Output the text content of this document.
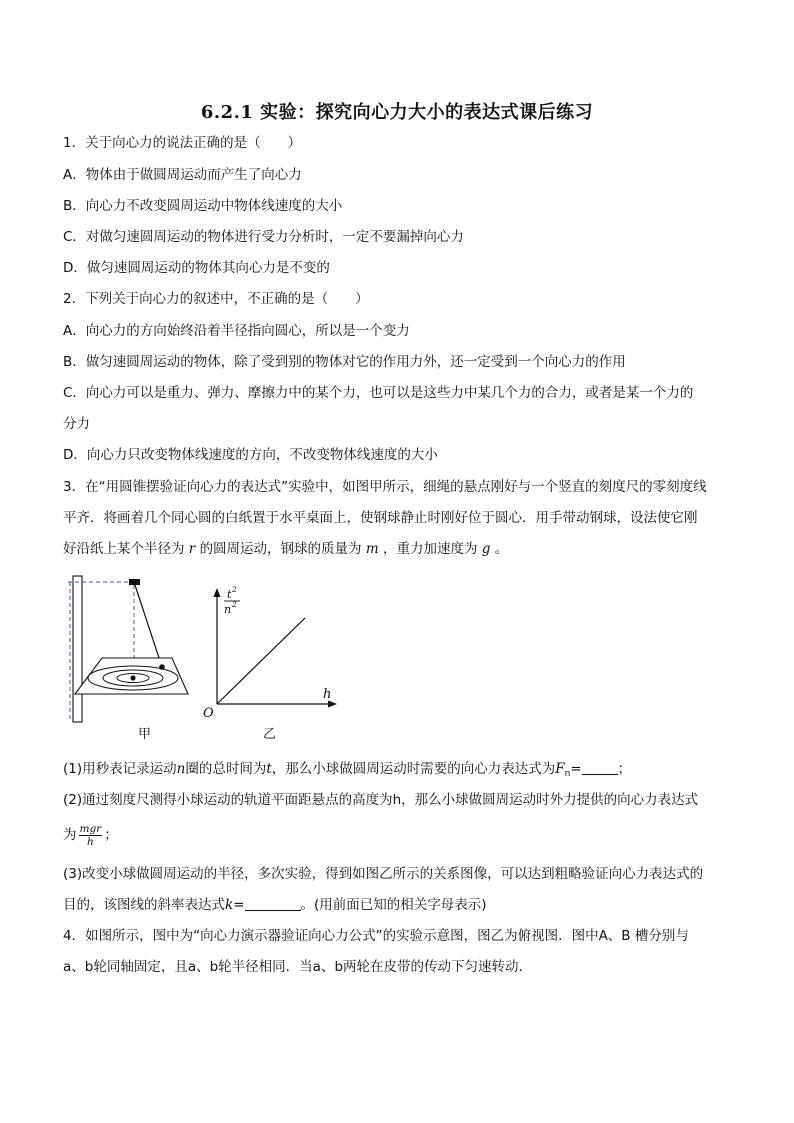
6.2.1 实验：探究向心力大小的表达式课后练习
1．关于向心力的说法正确的是（　　）
A．物体由于做圆周运动而产生了向心力
B．向心力不改变圆周运动中物体线速度的大小
C．对做匀速圆周运动的物体进行受力分析时，一定不要漏掉向心力
D．做匀速圆周运动的物体其向心力是不变的
2．下列关于向心力的叙述中，不正确的是（　　）
A．向心力的方向始终沿着半径指向圆心，所以是一个变力
B．做匀速圆周运动的物体，除了受到别的物体对它的作用力外，还一定受到一个向心力的作用
C．向心力可以是重力、弹力、摩擦力中的某个力，也可以是这些力中某几个力的合力，或者是某一个力的
分力
D．向心力只改变物体线速度的方向，不改变物体线速度的大小
3．在“用圆锥摆验证向心力的表达式”实验中，如图甲所示，细绳的悬点刚好与一个竖直的刻度尺的零刻度线
平齐．将画着几个同心圆的白纸置于水平桌面上，使钢球静止时刚好位于圆心．用手带动钢球，设法使它刚
好沿纸上某个半径为 r 的圆周运动，钢球的质量为 m ，重力加速度为 g 。
甲
t 2
n 2
h
O
乙
(1)用秒表记录运动n圈的总时间为t，那么小球做圆周运动时需要的向心力表达式为$F_n=$	；
(2)通过刻度尺测得小球运动的轨道平面距悬点的高度为h，那么小球做圆周运动时外力提供的向心力表达式
为 $\frac{\text{mgr}}{h}$ ；
(3)改变小球做圆周运动的半径，多次实验，得到如图乙所示的关系图像，可以达到粗略验证向心力表达式的
目的，该图线的斜率表达式k=	。(用前面已知的相关字母表示)
4．如图所示，图中为“向心力演示器验证向心力公式”的实验示意图，图乙为俯视图．图中A、B 槽分别与
a、b轮同轴固定，且a、b轮半径相同．当a、b两轮在皮带的传动下匀速转动．
